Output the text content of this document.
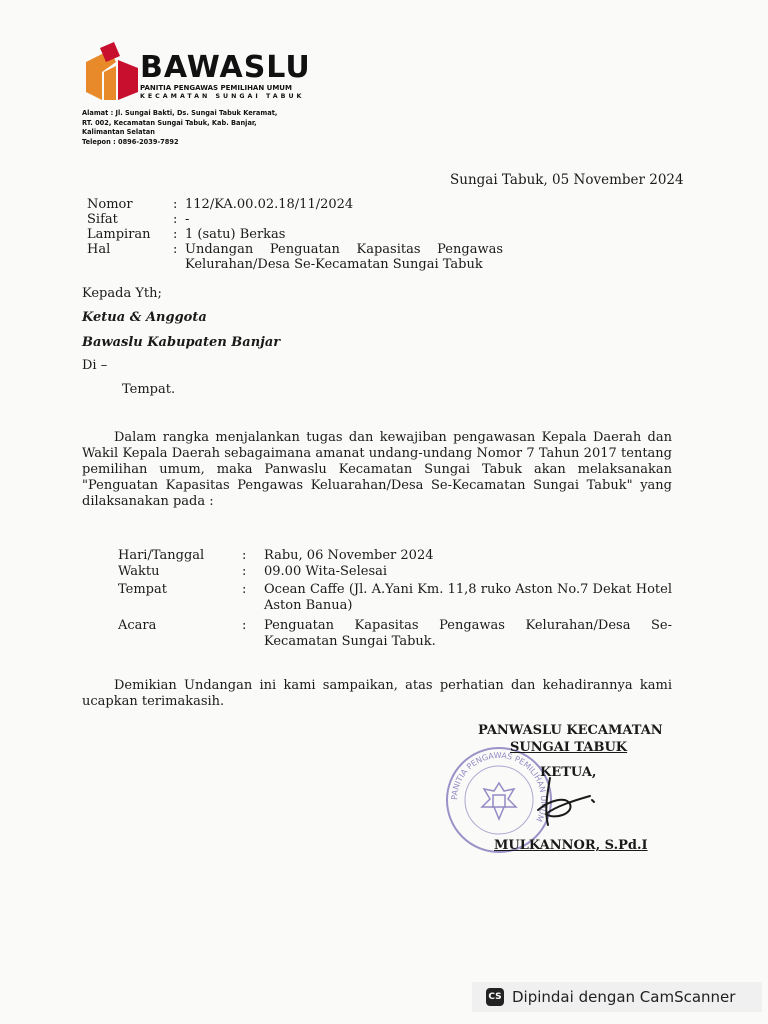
BAWASLU
PANITIA PENGAWAS PEMILIHAN UMUM
KECAMATAN SUNGAI TABUK
Alamat : Jl. Sungai Bakti, Ds. Sungai Tabuk Keramat,
RT. 002, Kecamatan Sungai Tabuk, Kab. Banjar,
Kalimantan Selatan
Telepon : 0896-2039-7892
Sungai Tabuk, 05 November 2024
Nomor	:	112/KA.00.02.18/11/2024
Sifat	:	-
Lampiran	:	1 (satu) Berkas
Hal	:	Undangan Penguatan Kapasitas Pengawas Kelurahan/Desa Se-Kecamatan Sungai Tabuk
Kepada Yth;
Ketua & Anggota
Bawaslu Kabupaten Banjar
Di –
Tempat.
Dalam rangka menjalankan tugas dan kewajiban pengawasan Kepala Daerah dan Wakil Kepala Daerah sebagaimana amanat undang-undang Nomor 7 Tahun 2017 tentang pemilihan umum, maka Panwaslu Kecamatan Sungai Tabuk akan melaksanakan "Penguatan Kapasitas Pengawas Keluarahan/Desa Se-Kecamatan Sungai Tabuk" yang dilaksanakan pada :
Hari/Tanggal	:	Rabu, 06 November 2024
Waktu	:	09.00 Wita-Selesai
Tempat	:	Ocean Caffe (Jl. A.Yani Km. 11,8 ruko Aston No.7 Dekat Hotel Aston Banua)
Acara	:	Penguatan Kapasitas Pengawas Kelurahan/Desa Se-Kecamatan Sungai Tabuk.
Demikian Undangan ini kami sampaikan, atas perhatian dan kehadirannya kami ucapkan terimakasih.
PANITIA PENGAWAS PEMILIHAN UMUM
PANWASLU KECAMATAN
SUNGAI TABUK
KETUA,
MULKANNOR, S.Pd.I
CS Dipindai dengan CamScanner
